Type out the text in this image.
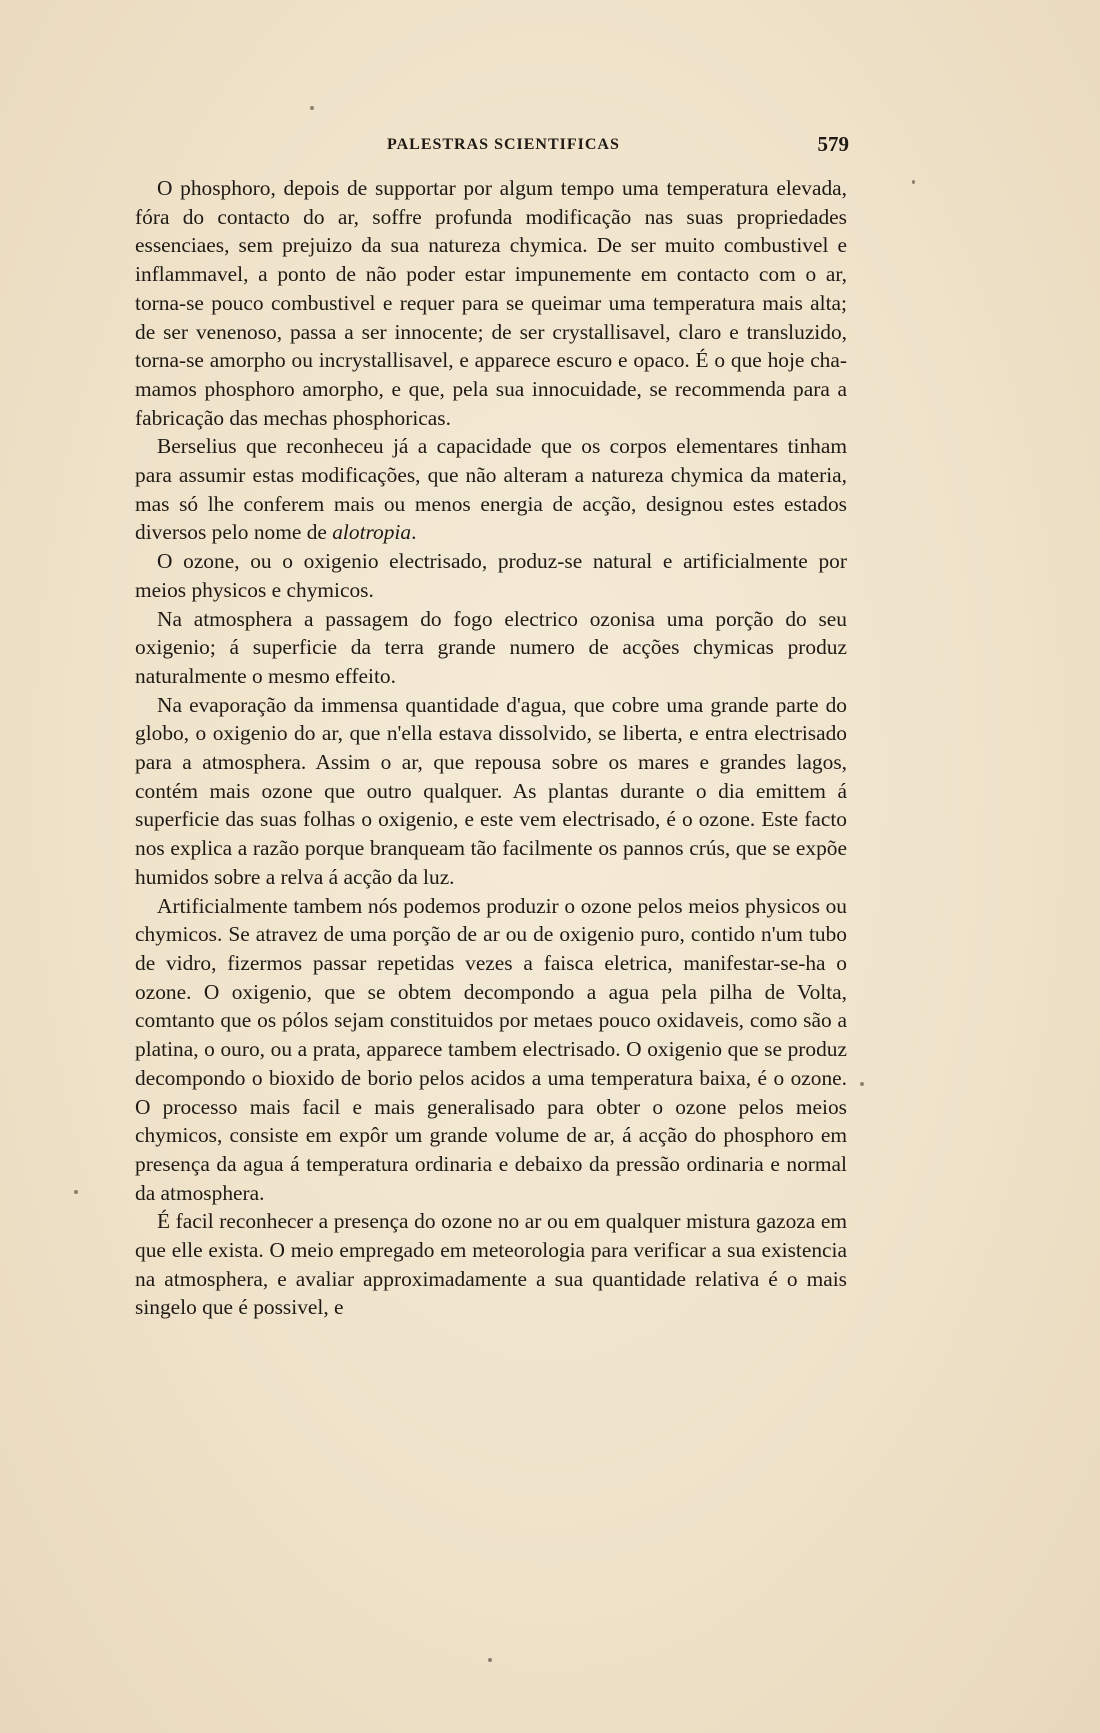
PALESTRAS SCIENTIFICAS	579

O phosphoro, depois de supportar por algum tempo uma temperatura elevada, fóra do contacto do ar, soffre profunda modificação nas suas propriedades essenciaes, sem prejuizo da sua natureza chymica. De ser muito combustivel e inflammavel, a ponto de não poder estar impunemente em contacto com o ar, torna-se pouco combustivel e requer para se queimar uma temperatura mais alta; de ser venenoso, passa a ser innocente; de ser crystallisavel, claro e transluzido, torna-se amorpho ou incrystallisavel, e apparece escuro e opaco. É o que hoje chamamos phosphoro amorpho, e que, pela sua innocuidade, se recommenda para a fabricação das mechas phosphoricas.

Berselius que reconheceu já a capacidade que os corpos elementares tinham para assumir estas modificações, que não alteram a natureza chymica da materia, mas só lhe conferem mais ou menos energia de acção, designou estes estados diversos pelo nome de alotropia.

O ozone, ou o oxigenio electrisado, produz-se natural e artificialmente por meios physicos e chymicos.

Na atmosphera a passagem do fogo electrico ozonisa uma porção do seu oxigenio; á superficie da terra grande numero de acções chymicas produz naturalmente o mesmo effeito.

Na evaporação da immensa quantidade d'agua, que cobre uma grande parte do globo, o oxigenio do ar, que n'ella estava dissolvido, se liberta, e entra electrisado para a atmosphera. Assim o ar, que repousa sobre os mares e grandes lagos, contém mais ozone que outro qualquer. As plantas durante o dia emittem á superficie das suas folhas o oxigenio, e este vem electrisado, é o ozone. Este facto nos explica a razão porque branqueam tão facilmente os pannos crús, que se expõe humidos sobre a relva á acção da luz.

Artificialmente tambem nós podemos produzir o ozone pelos meios physicos ou chymicos. Se atravez de uma porção de ar ou de oxigenio puro, contido n'um tubo de vidro, fizermos passar repetidas vezes a faisca eletrica, manifestar-se-ha o ozone. O oxigenio, que se obtem decompondo a agua pela pilha de Volta, comtanto que os pólos sejam constituidos por metaes pouco oxidaveis, como são a platina, o ouro, ou a prata, apparece tambem electrisado. O oxigenio que se produz decompondo o bioxido de borio pelos acidos a uma temperatura baixa, é o ozone. O processo mais facil e mais generalisado para obter o ozone pelos meios chymicos, consiste em expôr um grande volume de ar, á acção do phosphoro em presença da agua á temperatura ordinaria e debaixo da pressão ordinaria e normal da atmosphera.

É facil reconhecer a presença do ozone no ar ou em qualquer mistura gazoza em que elle exista. O meio empregado em meteorologia para verificar a sua existencia na atmosphera, e avaliar approximadamente a sua quantidade relativa é o mais singelo que é possivel, e
